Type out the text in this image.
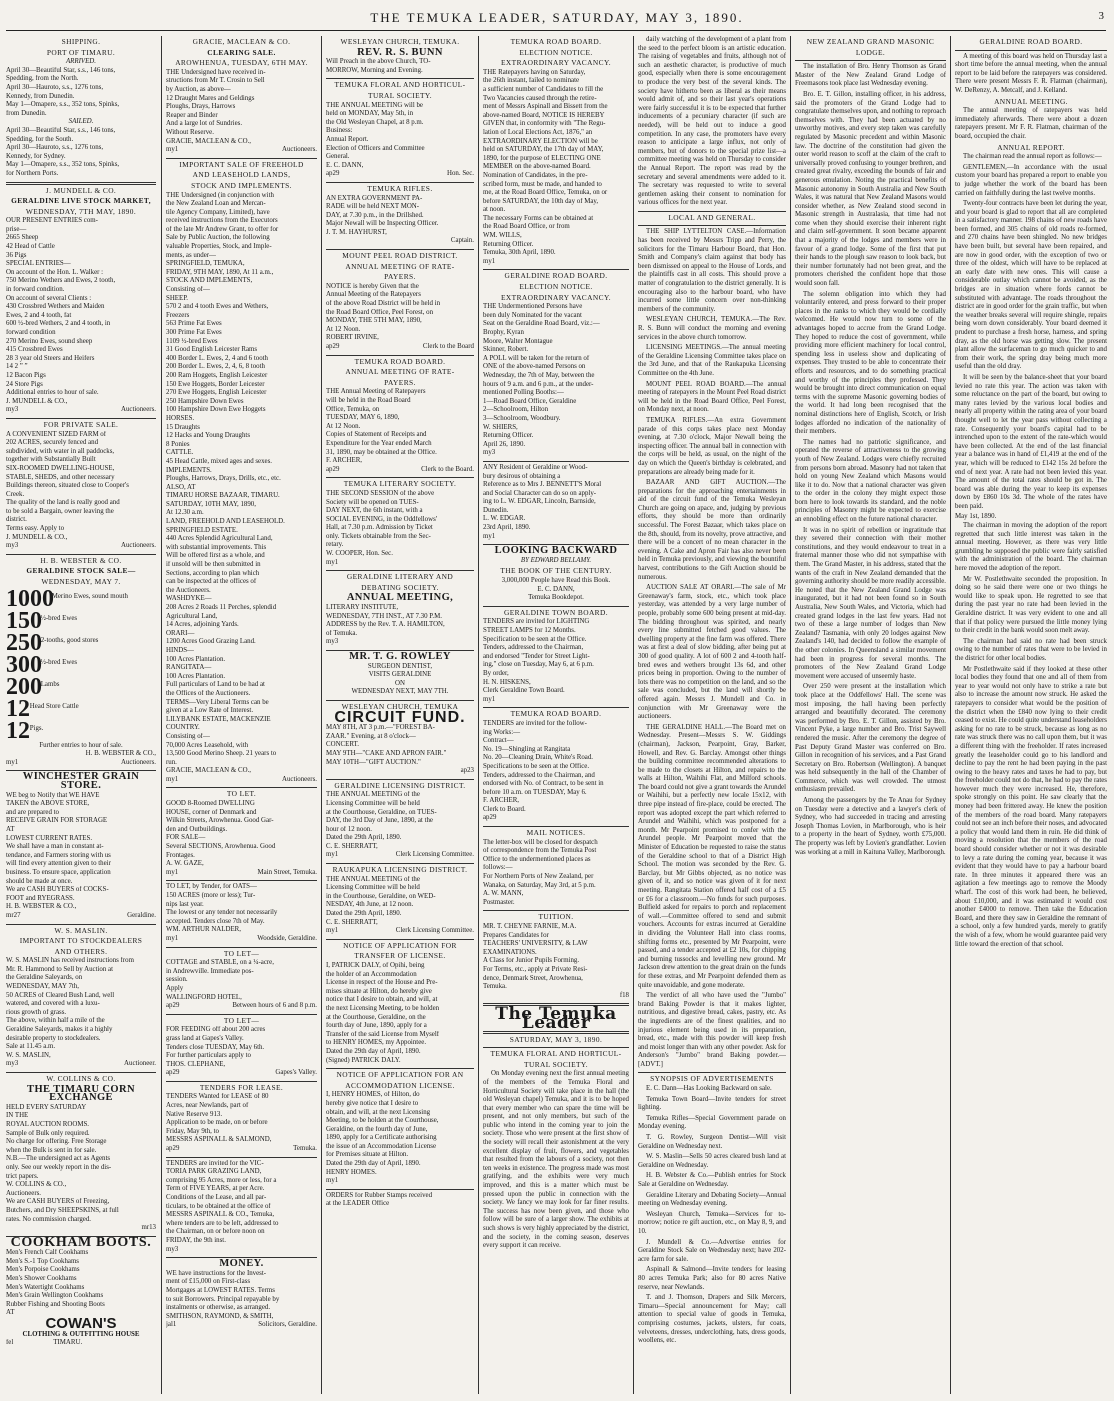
THE TEMUKA LEADER, SATURDAY, MAY 3, 1890.	3
SHIPPING.
PORT OF TIMARU.
ARRIVED.
April 30—Beautiful Star, s.s., 146 tons,
Spedding, from the North.
April 30—Hauroto, s.s., 1276 tons,
Kennedy, from Dunedin.
May 1—Omapere, s.s., 352 tons, Spinks,
from Dunedin.
SAILED.
April 30—Beautiful Star, s.s., 146 tons,
Spedding, for the South.
April 30—Hauroto, s.s., 1276 tons,
Kennedy, for Sydney.
May 1—Omapere, s.s., 352 tons, Spinks,
for Northern Ports.
J. MUNDELL & CO.
GERALDINE LIVE STOCK MARKET,
WEDNESDAY, 7TH MAY, 1890.
OUR PRESENT ENTRIES com-
prise—
2665 Sheep
42 Head of Cattle
36 Pigs
SPECIAL ENTRIES—
On account of the Hon. L. Walker :
750 Merino Wethers and Ewes, 2 tooth,
in forward condition.
On account of several Clients :
430 Crossbred Wethers and Maiden
Ewes, 2 and 4 tooth, fat
600 ½-bred Wethers, 2 and 4 tooth, in
forward condition
270 Merino Ewes, sound sheep
415 Crossbred Ewes
28 3 year old Steers and Heifers
14 2 ” ”
12 Bacon Pigs
24 Store Pigs
Additional entries to hour of sale.
J. MUNDELL & CO.,
my3	Auctioneers.
FOR PRIVATE SALE.
A CONVENIENT SIZED FARM of
202 ACRES, securely fenced and
subdivided, with water in all paddocks,
together with Substantially Built
SIX-ROOMED DWELLING-HOUSE,
STABLE, SHEDS, and other necessary
Buildings thereon, situated close to Cooper's
Creek.
The quality of the land is really good and
to be sold a Bargain, owner leaving the
district.
Terms easy. Apply to
J. MUNDELL & CO.,
my3	Auctioneers.
H. B. WEBSTER & CO.
GERALDINE STOCK SALE—
WEDNESDAY, MAY 7.
1000 Merino Ewes, sound mouth
150 ½-bred Ewes
250 2-tooths, good stores
300 ½-bred Ewes
200 Lambs
12 Head Store Cattle
12 Pigs.
Further entries to hour of sale.
H. B. WEBSTER & CO.,
my1	Auctioneers.
WINCHESTER GRAIN STORE.
WE beg to Notify that WE HAVE
TAKEN the ABOVE STORE,
and are prepared to
RECEIVE GRAIN FOR STORAGE
AT
LOWEST CURRENT RATES.
We shall have a man in constant at-
tendance, and Farmers storing with us
will find every attention given to their
business. To ensure space, application
should be made at once.
We are CASH BUYERS of COCKS-
FOOT and RYEGRASS.
H. B. WEBSTER & CO.,
mr27	Geraldine.
W. S. MASLIN.
IMPORTANT TO STOCKDEALERS
AND OTHERS.
W. S. MASLIN has received instructions from
Mr. R. Hammond to Sell by Auction at
the Geraldine Saleyards, on
WEDNESDAY, MAY 7th,
50 ACRES of Cleared Bush Land, well
watered, and covered with a luxu-
rious growth of grass.
The above, within half a mile of the
Geraldine Saleyards, makes it a highly
desirable property to stockdealers.
Sale at 11.45 a.m.
W. S. MASLIN,
my3	Auctioneer.
W. COLLINS & CO.
THE TIMARU CORN EXCHANGE
HELD EVERY SATURDAY
IN THE
ROYAL AUCTION ROOMS.
Sample of Bulk only required.
No charge for offering. Free Storage
when the Bulk is sent in for sale.
N.B.—The undersigned act as Agents
only. See our weekly report in the dis-
trict papers.
W. COLLINS & CO.,
Auctioneers.
We are CASH BUYERS of Freezing,
Butchers, and Dry SHEEPSKINS, at full
rates. No commission charged.
mr13
COOKHAM BOOTS.
Men's French Calf Cookhams
Men's S.-1 Top Cookhams
Men's Porpoise Cookhams
Men's Shower Cookhams
Men's Watertight Cookhams
Men's Grain Wellington Cookhams
Rubber Fishing and Shooting Boots
AT
COWAN'S
CLOTHING & OUTFITTING HOUSE
fel	TIMARU.
GRACIE, MACLEAN & CO.
CLEARING SALE.
AROWHENUA, TUESDAY, 6TH MAY.
THE Undersigned have received in-
structions from Mr T. Crosin to Sell
by Auction, as above—
12 Draught Mares and Geldings
Ploughs, Drays, Harrows
Reaper and Binder
And a large lot of Sundries.
Without Reserve.
GRACIE, MACLEAN & CO.,
my1	Auctioneers.
IMPORTANT SALE OF FREEHOLD
AND LEASEHOLD LANDS,
STOCK AND IMPLEMENTS.
THE Undersigned (in conjunction with
the New Zealand Loan and Mercan-
tile Agency Company, Limited), have
received instructions from the Executors
of the late Mr Andrew Grant, to offer for
Sale by Public Auction, the following
valuable Properties, Stock, and Imple-
ments, as under—
SPRINGFIELD, TEMUKA,
FRIDAY, 9TH MAY, 1890, At 11 a.m.,
STOCK AND IMPLEMENTS,
Consisting of—
SHEEP.
570 2 and 4 tooth Ewes and Wethers,
Freezers
563 Prime Fat Ewes
300 Prime Fat Ewes
1109 ½-bred Ewes
31 Good English Leicester Rams
400 Border L. Ewes, 2, 4 and 6 tooth
200 Border L. Ewes, 2, 4, 6, 8 tooth
200 Ram Hoggets, English Leicester
150 Ewe Hoggets, Border Leicester
270 Ewe Hoggets, English Leicester
250 Hampshire Down Ewes
100 Hampshire Down Ewe Hoggets
HORSES.
15 Draughts
12 Hacks and Young Draughts
8 Ponies
CATTLE.
45 Head Cattle, mixed ages and sexes.
IMPLEMENTS.
Ploughs, Harrows, Drays, Drills, etc., etc.
ALSO, AT
TIMARU HORSE BAZAAR, TIMARU.
SATURDAY, 10TH MAY, 1890,
At 12.30 a.m.
LAND, FREEHOLD AND LEASEHOLD.
SPRINGFIELD ESTATE.
440 Acres Splendid Agricultural Land,
with substantial improvements. This
Will be offered first as a whole, and
if unsold will be then submitted in
Sections, according to plan which
can be inspected at the offices of
the Auctioneers.
WASHDYKE—
208 Acres 2 Roads 11 Perches, splendid
Agricultural Land,
14 Acres, adjoining Yards.
ORARI—
1200 Acres Good Grazing Land.
HINDS—
100 Acres Plantation.
RANGITATA—
100 Acres Plantation.
Full particulars of Land to be had at
the Offices of the Auctioneers.
TERMS—Very Liberal Terms can be
given at a Low Rate of Interest.
LILYBANK ESTATE, MACKENZIE
COUNTRY.
Consisting of—
70,000 Acres Leasehold, with
13,500 Good Merino Sheep. 21 years to
run.
GRACIE, MACLEAN & CO.,
my1	Auctioneers.
TO LET.
GOOD 8-Roomed DWELLING
HOUSE, corner of Denmark and
Wilkin Streets, Arowhenua. Good Gar-
den and Outbuildings.
FOR SALE—
Several SECTIONS, Arowhenua. Good
Frontages.
A. W. GAZE,
my1	Main Street, Temuka.
TO LET, by Tender, for OATS—
150 ACRES (more or less); Tur-
nips last year.
The lowest or any tender not necessarily
accepted. Tenders close 7th of May.
WM. ARTHUR NALDER,
my1	Woodside, Geraldine.
TO LET—
COTTAGE and STABLE, on a ¼-acre,
in Andrewville. Immediate pos-
session.
Apply
WALLINGFORD HOTEL,
ap29	Between hours of 6 and 8 p.m.
TO LET—
FOR FEEDING off about 200 acres
grass land at Gapes's Valley.
Tenders close TUESDAY, May 6th.
For further particulars apply to
THOS. CLEPHANE,
ap29	Gapes's Valley.
TENDERS FOR LEASE.
TENDERS Wanted for LEASE of 80
Acres, near Newlands, part of
Native Reserve 913.
Application to be made, on or before
Friday, May 9th, to
MESSRS ASPINALL & SALMOND,
ap29	Temuka.
TENDERS are invited for the VIC-
TORIA PARK GRAZING LAND,
comprising 95 Acres, more or less, for a
Term of FIVE YEARS, at per Acre.
Conditions of the Lease, and all par-
ticulars, to be obtained at the office of
MESSRS ASPINALL & CO., Temuka,
where tenders are to be left, addressed to
the Chairman, on or before noon on
FRIDAY, the 9th inst.
my3
MONEY.
WE have instructions for the Invest-
ment of £15,000 on First-class
Mortgages at LOWEST RATES. Terms
to suit Borrowers. Principal repayable by
instalments or otherwise, as arranged.
SMITHSON, RAYMOND, & SMITH,
jal1	Solicitors, Geraldine.
WESLEYAN CHURCH, TEMUKA.
REV. R. S. BUNN
Will Preach in the above Church, TO-
MORROW, Morning and Evening.
TEMUKA FLORAL AND HORTICUL-
TURAL SOCIETY.
THE ANNUAL MEETING will be
held on MONDAY, May 5th, in
the Old Wesleyan Chapel, at 8 p.m.
Business:
Annual Report.
Election of Officers and Committee
General.
E. C. DANN,
ap29	Hon. Sec.
TEMUKA RIFLES.
AN EXTRA GOVERNMENT PA-
RADE will be held NEXT MON-
DAY, at 7.30 p.m., in the Drillshed.
Major Newall will be Inspecting Officer.
J. T. M. HAYHURST,
Captain.
MOUNT PEEL ROAD DISTRICT.
ANNUAL MEETING OF RATE-
PAYERS.
NOTICE is hereby Given that the
Annual Meeting of the Ratepayers
of the above Road District will be held in
the Road Board Office, Peel Forest, on
MONDAY, THE 5TH MAY, 1890,
At 12 Noon.
ROBERT IRVINE,
ap29	Clerk to the Board
TEMUKA ROAD BOARD.
ANNUAL MEETING OF RATE-
PAYERS.
THE Annual Meeting of Ratepayers
will be held in the Road Board
Office, Temuka, on
TUESDAY, MAY 6, 1890,
At 12 Noon.
Copies of Statement of Receipts and
Expenditure for the Year ended March
31, 1890, may be obtained at the Office.
F. ARCHER,
ap29	Clerk to the Board.
TEMUKA LITERARY SOCIETY.
THE SECOND SESSION of the above
Society will be opened on TUES-
DAY NEXT, the 6th instant, with a
SOCIAL EVENING, in the Oddfellows'
Hall, at 7.30 p.m. Admission by Ticket
only. Tickets obtainable from the Sec-
retary.
W. COOPER, Hon. Sec.
my1
GERALDINE LITERARY AND
DEBATING SOCIETY.
ANNUAL MEETING,
LITERARY INSTITUTE,
WEDNESDAY, 7TH INST., AT 7.30 P.M.
ADDRESS by the Rev. T. A. HAMILTON,
of Temuka.
my3
MR. T. G. ROWLEY
SURGEON DENTIST,
VISITS GERALDINE
ON
WEDNESDAY NEXT, MAY 7TH.
WESLEYAN CHURCH, TEMUKA
CIRCUIT FUND.
MAY 8TH, AT 3 p.m.—"FOREST BA-
ZAAR." Evening, at 8 o'clock—
CONCERT.
MAY 9TH—"CAKE AND APRON FAIR."
MAY 10TH—"GIFT AUCTION."
ap23
GERALDINE LICENSING DISTRICT.
THE ANNUAL MEETING of the
Licensing Committee will be held
at the Courthouse, Geraldine, on TUES-
DAY, the 3rd Day of June, 1890, at the
hour of 12 noon.
Dated the 29th April, 1890.
C. E. SHERRATT,
my1	Clerk Licensing Committee.
RAUKAPUKA LICENSING DISTRICT.
THE ANNUAL MEETING of the
Licensing Committee will be held
in the Courthouse, Geraldine, on WED-
NESDAY, 4th June, at 12 noon.
Dated the 29th April, 1890.
C. E. SHERRATT,
my1	Clerk Licensing Committee.
NOTICE OF APPLICATION FOR
TRANSFER OF LICENSE.
I, PATRICK DALY, of Opihi, being
the holder of an Accommodation
License in respect of the House and Pre-
mises situate at Hilton, do hereby give
notice that I desire to obtain, and will, at
the next Licensing Meeting, to be holden
at the Courthouse, Geraldine, on the
fourth day of June, 1890, apply for a
Transfer of the said License from Myself
to HENRY HOMES, my Appointee.
Dated the 29th day of April, 1890.
(Signed) PATRICK DALY.
NOTICE OF APPLICATION FOR AN
ACCOMMODATION LICENSE.
I, HENRY HOMES, of Hilton, do
hereby give notice that I desire to
obtain, and will, at the next Licensing
Meeting, to be holden at the Courthouse,
Geraldine, on the fourth day of June,
1890, apply for a Certificate authorising
the issue of an Accommodation License
for Premises situate at Hilton.
Dated the 29th day of April, 1890.
HENRY HOMES.
my1
ORDERS for Rubber Stamps received
at the LEADER Office
TEMUKA ROAD BOARD.
ELECTION NOTICE.
EXTRAORDINARY VACANCY.
THE Ratepayers having on Saturday,
the 26th instant, failed to nominate
a sufficient number of Candidates to fill the
Two Vacancies caused through the retire-
ment of Messrs Aspinall and Bissett from the
above-named Board, NOTICE IS HEREBY
GIVEN that, in conformity with "The Regu-
lation of Local Elections Act, 1876," an
EXTRAORDINARY ELECTION will be
held on SATURDAY, the 17th day of MAY,
1890, for the purpose of ELECTING ONE
MEMBER on the above-named Board.
Nomination of Candidates, in the pre-
scribed form, must be made, and handed to
me, at the Road Board Office, Temuka, on or
before SATURDAY, the 10th day of May,
at noon.
The necessary Forms can be obtained at
the Road Board Office, or from
WM. WILLS,
Returning Officer.
Temuka, 30th April, 1890.
my1
GERALDINE ROAD BOARD.
ELECTION NOTICE.
EXTRAORDINARY VACANCY.
THE Undermentioned Persons have
been duly Nominated for the vacant
Seat on the Geraldine Road Board, viz.:—
Brophy, Kyran
Moore, Walter Montague
Skinner, Robert.
A POLL will be taken for the return of
ONE of the above-named Persons on
Wednesday, the 7th of May, between the
hours of 9 a.m. and 6 p.m., at the under-
mentioned Polling Booths:—
1—Road Board Office, Geraldine
2—Schoolroom, Hilton
3—Schoolroom, Woodbury.
W. SHIERS,
Returning Officer.
April 26, 1890.
my3
ANY Resident of Geraldine or Wood-
bury desirous of obtaining a
Reference as to Mrs J. BENNETT'S Moral
and Social Character can do so on apply-
ing to L. W. EDGAR, Lincoln, Barnside,
Dunedin.
L. W. EDGAR.
23rd April, 1890.
my1
LOOKING BACKWARD
BY EDWARD BELLAMY.
THE BOOK OF THE CENTURY.
3,000,000 People have Read this Book.
E. C. DANN,
Temuka Bookdepot.
GERALDINE TOWN BOARD.
TENDERS are invited for LIGHTING
STREET LAMPS for 12 Months.
Specification to be seen at the Office.
Tenders, addressed to the Chairman,
and endorsed "Tender for Street Light-
ing," close on Tuesday, May 6, at 6 p.m.
By order,
H. N. HISKENS,
Clerk Geraldine Town Board.
my1
TEMUKA ROAD BOARD.
TENDERS are invited for the follow-
ing Works:—
Contract—
No. 19—Shingling at Rangitata
No. 20—Cleaning Drain, White's Road.
Specifications to be seen at the Office.
Tenders, addressed to the Chairman, and
endorsed with No. of Contract, to be sent in
before 10 a.m. on TUESDAY, May 6.
F. ARCHER,
Clerk to Board.
ap29
MAIL NOTICES.
The letter-box will be closed for despatch
of correspondence from the Temuka Post
Office to the undermentioned places as
follows:—
For Northern Ports of New Zealand, per
Wanaka, on Saturday, May 3rd, at 5 p.m.
A. W. MANN,
Postmaster.
TUITION.
MR. T. CHEYNE FARNIE, M.A.
Prepares Candidates for
TEACHERS' UNIVERSITY, & LAW
EXAMINATIONS.
A Class for Junior Pupils Forming.
For Terms, etc., apply at Private Resi-
dence, Denmark Street, Arowhenua,
Temuka.
f18
The Temuka Leader
SATURDAY, MAY 3, 1890.
TEMUKA FLORAL AND HORTICUL-
TURAL SOCIETY.
On Monday evening next the first annual meeting of the members of the Temuka Floral and Horticultural Society will take place in the hall (the old Wesleyan chapel) Temuka, and it is to be hoped that every member who can spare the time will be present, and not only members, but such of the public who intend in the coming year to join the society. Those who were present at the first show of the society will recall their astonishment at the very excellent display of fruit, flowers, and vegetables that resulted from the labours of a society, not then ten weeks in existence. The progress made was most gratifying, and the exhibits were very much improved, and this is a matter which must be pressed upon the public in connection with the society. We fancy we may look for far finer results. The success has now been given, and those who follow will be sure of a larger show. The exhibits at such shows is very highly appreciated by the district, and the society, in the coming season, deserves every support it can receive.
daily watching of the development of a plant from the seed to the perfect bloom is an artistic education. The raising of vegetables and fruits, although not of such an aesthetic character, is productive of much good, especially when there is some encouragement to produce the very best of the several kinds. The society have hitherto been as liberal as their means would admit of, and so their last year's operations were fairly successful it is to be expected that further inducements of a pecuniary character (if such are needed), will be held out to induce a good competition. In any case, the promoters have every reason to anticipate a large influx, not only of members, but of donors to the special prize list—a committee meeting was held on Thursday to consider the Annual Report. The report was read by the secretary and several amendments were added to it. The secretary was requested to write to several gentlemen asking their consent to nomination for various offices for the next year.
LOCAL AND GENERAL.
THE SHIP LYTTELTON CASE.—Information has been received by Messrs Tripp and Perry, the solicitors for the Timaru Harbour Board, that Hon. Smith and Company's claim against that body has been dismissed on appeal to the House of Lords, and the plaintiffs cast in all costs. This should prove a matter of congratulation to the district generally. It is encouraging also to the harbour board, who have incurred some little concern over non-thinking members of the community.
WESLEYAN CHURCH, TEMUKA.—The Rev. R. S. Bunn will conduct the morning and evening services in the above church tomorrow.
LICENSING MEETINGS.—The annual meeting of the Geraldine Licensing Committee takes place on the 3rd June, and that of the Raukapuka Licensing Committee on the 4th June.
MOUNT PEEL ROAD BOARD.—The annual meeting of ratepayers in the Mount Peel Road district will be held in the Road Board Office, Peel Forest, on Monday next, at noon.
TEMUKA RIFLES.—An extra Government parade of this corps takes place next Monday evening, at 7.30 o'clock, Major Newall being the inspecting officer. The annual ball in connection with the corps will be held, as usual, on the night of the day on which the Queen's birthday is celebrated, and preparations are already being made for it.
BAZAAR AND GIFT AUCTION.—The preparations for the approaching entertainments in aid of the circuit fund of the Temuka Wesleyan Church are going on apace, and, judging by previous efforts, they should be more than ordinarily successful. The Forest Bazaar, which takes place on the 8th, should, from its novelty, prove attractive, and there will be a concert of no mean character in the evening. A Cake and Apron Fair has also never been held in Temuka previously, and viewing the bountiful harvest, contributions to the Gift Auction should be numerous.
AUCTION SALE AT ORARI.—The sale of Mr Greenaway's farm, stock, etc., which took place yesterday, was attended by a very large number of people, probably some 600 being present at mid-day. The bidding throughout was spirited, and nearly every line submitted fetched good values. The dwelling property at the fine farm was offered. There was at first a deal of slow bidding, after being put at 300 of good quality. A lot of 600 2 and 4-tooth half-bred ewes and wethers brought 13s 6d, and other prices being in proportion. Owing to the number of lots there was no competition on the land, and so the sale was concluded, but the land will shortly be offered again. Messrs J. Mundell and Co. in conjunction with Mr Greenaway were the auctioneers.
THE GERALDINE HALL.—The Board met on Wednesday. Present—Messrs S. W. Giddings (chairman), Jackson, Pearpoint, Gray, Barker, Howell, and Rev. G. Barclay. Amongst other things the building committee recommended alterations to be made to the closets at Hilton, and repairs to the walls at Hilton, Waihihi Flat, and Milford schools. The board could not give a grant towards the Arundel or Waihihi, but a perfectly new locale 15x12, with three pipe instead of fire-place, could be erected. The report was adopted except the part which referred to Arundel and Waihihi, which was postponed for a month. Mr Pearpoint promised to confer with the Arundel people. Mr Pearpoint moved that the Minister of Education be requested to raise the status of the Geraldine school to that of a District High School. The motion was seconded by the Rev. G. Barclay, but Mr Gibbs objected, as no notice was given of it, and so notice was given of it for next meeting. Rangitata Station offered half cost of a £5 or £6 for a classroom.—No funds for such purposes. Bulfield asked for repairs to porch and replacement of wall.—Committee offered to send and submit vouchers. Accounts for extras incurred at Geraldine in dividing the Volunteer Hall into class rooms, shifting forms etc., presented by Mr Pearpoint, were passed, and a tender accepted at £2 10s, for chipping and burning tussocks and levelling new ground. Mr Jackson drew attention to the great drain on the funds for these extras, and Mr Pearpoint defended them as quite unavoidable, and gone moderate.
The verdict of all who have used the "Jumbo" brand Baking Powder is that it makes lighter, nutritious, and digestive bread, cakes, pastry, etc. As the ingredients are of the finest qualities, and no injurious element being used in its preparation, bread, etc., made with this powder will keep fresh and moist longer than with any other powder. Ask for Anderson's "Jumbo" brand Baking powder.—[ADVT.]
SYNOPSIS OF ADVERTISEMENTS
E. C. Dann—Has Looking Backward on sale.
Temuka Town Board—Invite tenders for street lighting.
Temuka Rifles—Special Government parade on Monday evening.
T. G. Rowley, Surgeon Dentist—Will visit Geraldine on Wednesday next.
W. S. Maslin—Sells 50 acres cleared bush land at Geraldine on Wednesday.
H. B. Webster & Co.—Publish entries for Stock Sale at Geraldine on Wednesday.
Geraldine Literary and Debating Society—Annual meeting on Wednesday evening.
Wesleyan Church, Temuka—Services for to-morrow; notice re gift auction, etc., on May 8, 9, and 10.
J. Mundell & Co.—Advertise entries for Geraldine Stock Sale on Wednesday next; have 202-acre farm for sale.
Aspinall & Salmond—Invite tenders for leasing 80 acres Temuka Park; also for 80 acres Native reserve, near Newlands.
T. and J. Thomson, Drapers and Silk Mercers, Timaru—Special announcement for May; call attention to special value of goods in Temuka, comprising costumes, jackets, ulsters, fur coats, velveteens, dresses, underclothing, hats, dress goods, woollens, etc.
NEW ZEALAND GRAND MASONIC
LODGE.
The installation of Bro. Henry Thomson as Grand Master of the New Zealand Grand Lodge of Freemasons took place last Wednesday evening.
Bro. E. T. Gillon, installing officer, in his address, said the promoters of the Grand Lodge had to congratulate themselves upon, and nothing to reproach themselves with. They had been actuated by no unworthy motives, and every step taken was carefully regulated by Masonic precedent and within Masonic law. The doctrine of the constitution had given the outer world reason to scoff at the claim of the craft to universally proved confusing to younger brethren, and created great rivalry, exceeding the bounds of fair and generous emulation. Noting the practical benefits of Masonic autonomy in South Australia and New South Wales, it was natural that New Zealand Masons would consider whether, as New Zealand stood second in Masonic strength in Australasia, that time had not come when they should exercise their inherent right and claim self-government. It soon became apparent that a majority of the lodges and members were in favour of a grand lodge. Some of the first that put their hands to the plough saw reason to look back, but their number fortunately had not been great, and the promoters cherished the confident hope that those would soon fall.
The solemn obligation into which they had voluntarily entered, and press forward to their proper places in the ranks to which they would be cordially welcomed. He would now turn to some of the advantages hoped to accrue from the Grand Lodge. They hoped to reduce the cost of government, while providing more efficient machinery for local control, spending less in useless show and duplicating of expenses. They trusted to be able to concentrate their efforts and resources, and to do something practical and worthy of the principles they professed. They would be brought into direct communication on equal terms with the supreme Masonic governing bodies of the world. It had long been recognised that the nominal distinctions here of English, Scotch, or Irish lodges afforded no indication of the nationality of their members.
The names had no patriotic significance, and operated the reverse of attractiveness to the growing youth of New Zealand. Lodges were chiefly recruited from persons born abroad. Masonry had not taken that hold on young New Zealand which Masons would like it to do. Now that a national character was given to the order in the colony they might expect those born here to look towards its standard, and the noble principles of Masonry might be expected to exercise an ennobling effect on the future national character.
It was in no spirit of rebellion or ingratitude that they severed their connection with their mother constitutions, and they would endeavour to treat in a fraternal manner those who did not sympathise with them. The Grand Master, in his address, stated that the wants of the craft in New Zealand demanded that the governing authority should be more readily accessible. He noted that the New Zealand Grand Lodge was inaugurated, but it had not been found so in South Australia, New South Wales, and Victoria, which had created grand lodges in the last few years. Had not two of these a large number of lodges than New Zealand? Tasmania, with only 20 lodges against New Zealand's 140, had decided to follow the example of the other colonies. In Queensland a similar movement had been in progress for several months. The promoters of the New Zealand Grand Lodge movement were accused of unseemly haste.
Over 250 were present at the installation which took place at the Oddfellows' Hall. The scene was most imposing, the hall having been perfectly arranged and beautifully decorated. The ceremony was performed by Bro. E. T. Gillon, assisted by Bro. Vincent Pyke, a large number and Bro. Trist Saywell rendered the music. After the ceremony the degree of Past Deputy Grand Master was conferred on Bro. Gillon in recognition of his services, and a Past Grand Secretary on Bro. Robertson (Wellington). A banquet was held subsequently in the hall of the Chamber of Commerce, which was well crowded. The utmost enthusiasm prevailed.
Among the passengers by the Te Anau for Sydney on Tuesday were a detective and a lawyer's clerk of Sydney, who had succeeded in tracing and arresting Joseph Thomas Lovien, in Marlborough, who is heir to a property in the heart of Sydney, worth £75,000. The property was left by Lovien's grandfather. Lovien was working at a mill in Kaituna Valley, Marlborough.
GERALDINE ROAD BOARD.
A meeting of this board was held on Thursday last a short time before the annual meeting, when the annual report to be laid before the ratepayers was considered. There were present Messrs F. R. Flatman (chairman), W. DeRenzy, A. Metcalf, and J. Kelland.
ANNUAL MEETING.
The annual meeting of ratepayers was held immediately afterwards. There were about a dozen ratepayers present. Mr F. R. Flatman, chairman of the board, occupied the chair.
ANNUAL REPORT.
The chairman read the annual report as follows:—
GENTLEMEN,—In accordance with the usual custom your board has prepared a report to enable you to judge whether the work of the board has been carried on faithfully during the last twelve months.
Twenty-four contracts have been let during the year, and your board is glad to report that all are completed in a satisfactory manner. 198 chains of new roads have been formed, and 305 chains of old roads re-formed, and 270 chains have been shingled. No new bridges have been built, but several have been repaired, and are now in good order, with the exception of two or three of the oldest, which will have to be replaced at an early date with new ones. This will cause a considerable outlay which cannot be avoided, as the bridges are in situation where fords cannot be substituted with advantage. The roads throughout the district are in good order for the grain traffic, but when the weather breaks several will require shingle, repairs being worn down considerably. Your board deemed it prudent to purchase a fresh horse, harness, and spring dray, as the old horse was getting slow. The present plant allow the surfaceman to go much quicker to and from their work, the spring dray being much more useful than the old dray.
It will be seen by the balance-sheet that your board levied no rate this year. The action was taken with some reluctance on the part of the board, but owing to many rates levied by the various local bodies and nearly all property within the rating area of your board thought well to let the year pass without collecting a rate. Consequently your board's capital had to be intrenched upon to the extent of the rate-which would have been collected. At the end of the last financial year a balance was in hand of £1,419 at the end of the year, which will be reduced to £142 15s 2d before the end of next year. A rate had not been levied this year. The amount of the total rates should be got in. The board was able during the year to keep its expenses down by £860 10s 3d. The whole of the rates have been paid.
May 1st, 1890.
The chairman in moving the adoption of the report regretted that such little interest was taken in the annual meeting. However, as there was very little grumbling he supposed the public were fairly satisfied with the administration of the board. The chairman here moved the adoption of the report.
Mr W. Postlethwaite seconded the proposition. In doing so he said there were one or two things he would like to speak upon. He regretted to see that during the past year no rate had been levied in the Geraldine district. It was very evident to one and all that if that policy were pursued the little money lying to their credit in the bank would soon melt away.
The chairman had said no rate had been struck owing to the number of rates that were to be levied in the district for other local bodies.
Mr Postlethwaite said if they looked at these other local bodies they found that one and all of them from year to year would not only have to strike a rate but also to increase the amount now struck. He asked the ratepayers to consider what would be the position of the district when the £840 now lying to their credit ceased to exist. He could quite understand leaseholders asking for no rate to be struck, because as long as no rate was struck there was no call upon them, but it was a different thing with the freeholder. If rates increased greatly the leaseholder could go to his landlord and decline to pay the rent he had been paying in the past owing to the heavy rates and taxes he had to pay, but the freeholder could not do that, he had to pay the rates however much they were increased. He, therefore, spoke strongly on this point. He saw clearly that the money had been frittered away. He knew the position of the members of the road board. Many ratepayers could not see an inch before their noses, and advocated a policy that would land them in ruin. He did think of moving a resolution that the members of the road board should consider whether or not it was desirable to levy a rate during the coming year, because it was evident that they would have to pay a harbour board rate. In three minutes it appeared there was an agitation a few meetings ago to remove the Moody wharf. The cost of this work had been, he believed, about £10,000, and it was estimated it would cost another £4000 to remove. Then take the Education Board, and there they saw in Geraldine the remnant of a school, only a few hundred yards, merely to gratify the wish of a few, whom he would guarantee paid very little toward the erection of that school.
